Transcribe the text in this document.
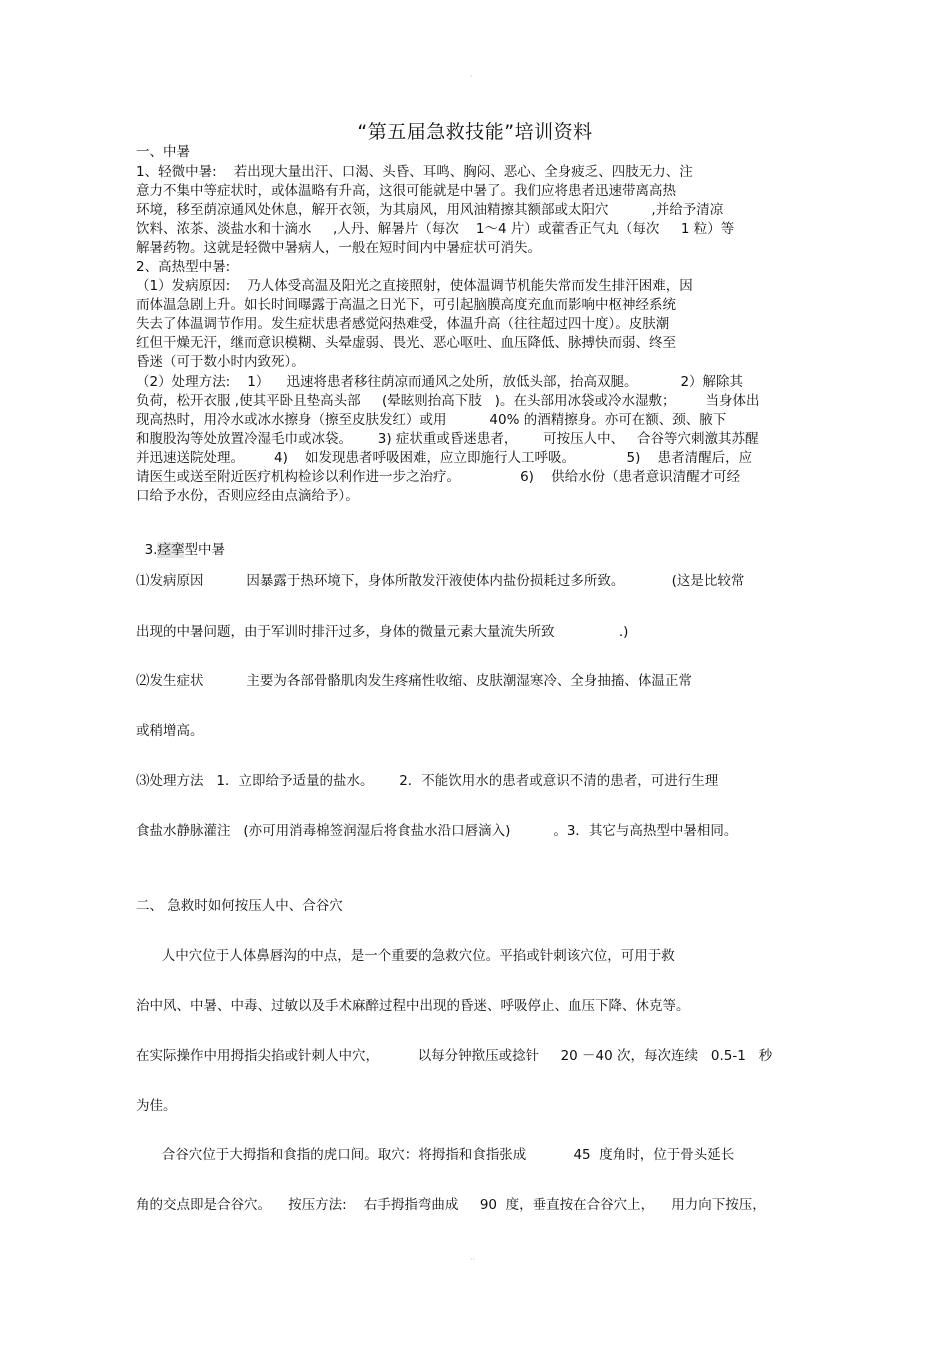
·
“第五届急救技能”培训资料
一、中暑
1、轻微中暑:    若出现大量出汗、口渴、头昏、耳鸣、胸闷、恶心、全身疲乏、四肢无力、注
意力不集中等症状时，或体温略有升高，这很可能就是中暑了。我们应将患者迅速带离高热
环境，移至荫凉通风处休息，解开衣领，为其扇风，用风油精擦其额部或太阳穴          ,并给予清凉
饮料、浓茶、淡盐水和十滴水     ,人丹、解暑片（每次    1～4 片）或藿香正气丸（每次     1 粒）等
解暑药物。这就是轻微中暑病人，一般在短时间内中暑症状可消失。
2、高热型中暑:
（1）发病原因:    乃人体受高温及阳光之直接照射，使体温调节机能失常而发生排汗困难，因
而体温急剧上升。如长时间曝露于高温之日光下，可引起脑膜高度充血而影响中枢神经系统
失去了体温调节作用。发生症状患者感觉闷热难受，体温升高（往往超过四十度）。皮肤潮
红但干燥无汗，继而意识模糊、头晕虚弱、畏光、恶心呕吐、血压降低、脉搏快而弱、终至
昏迷（可于数小时内致死）。
（2）处理方法:    1）    迅速将患者移往荫凉而通风之处所，放低头部，抬高双腿。          2）解除其
负荷，松开衣服 ,使其平卧且垫高头部     (晕眩则抬高下肢   )。在头部用冰袋或冷水湿敷；       当身体出
现高热时，用冷水或冰水擦身（擦至皮肤发红）或用          40% 的酒精擦身。亦可在额、颈、腋下
和腹股沟等处放置冷湿毛巾或冰袋。      3) 症状重或昏迷患者，      可按压人中、   合谷等穴刺激其苏醒
并迅速送院处理。       4)    如发现患者呼吸困难，应立即施行人工呼吸。            5)    患者清醒后，应
请医生或送至附近医疗机构检诊以利作进一步之治疗。              6)    供给水份（患者意识清醒才可经
口给予水份，否则应经由点滴给予）。

3.痉挛型中暑

⑴发病原因          因暴露于热环境下，身体所散发汗液使体内盐份损耗过多所致。           (这是比较常
出现的中暑问题，由于军训时排汗过多，身体的微量元素大量流失所致               .)
⑵发生症状          主要为各部骨骼肌肉发生疼痛性收缩、皮肤潮湿寒冷、全身抽搐、体温正常
或稍增高。
⑶处理方法   1．立即给予适量的盐水。      2．不能饮用水的患者或意识不清的患者，可进行生理
食盐水静脉灌注   (亦可用消毒棉签润湿后将食盐水沿口唇滴入)          。3．其它与高热型中暑相同。
二、 急救时如何按压人中、合谷穴
人中穴位于人体鼻唇沟的中点，是一个重要的急救穴位。平掐或针刺该穴位，可用于救
治中风、中暑、中毒、过敏以及手术麻醉过程中出现的昏迷、呼吸停止、血压下降、休克等。
在实际操作中用拇指尖掐或针刺人中穴，         以每分钟揿压或捻针     20 －40 次，每次连续   0.5-1   秒
为佳。
合谷穴位于大拇指和食指的虎口间。取穴：将拇指和食指张成           45  度角时，位于骨头延长
角的交点即是合谷穴。    按压方法:    右手拇指弯曲成     90  度，垂直按在合谷穴上，    用力向下按压，
··
